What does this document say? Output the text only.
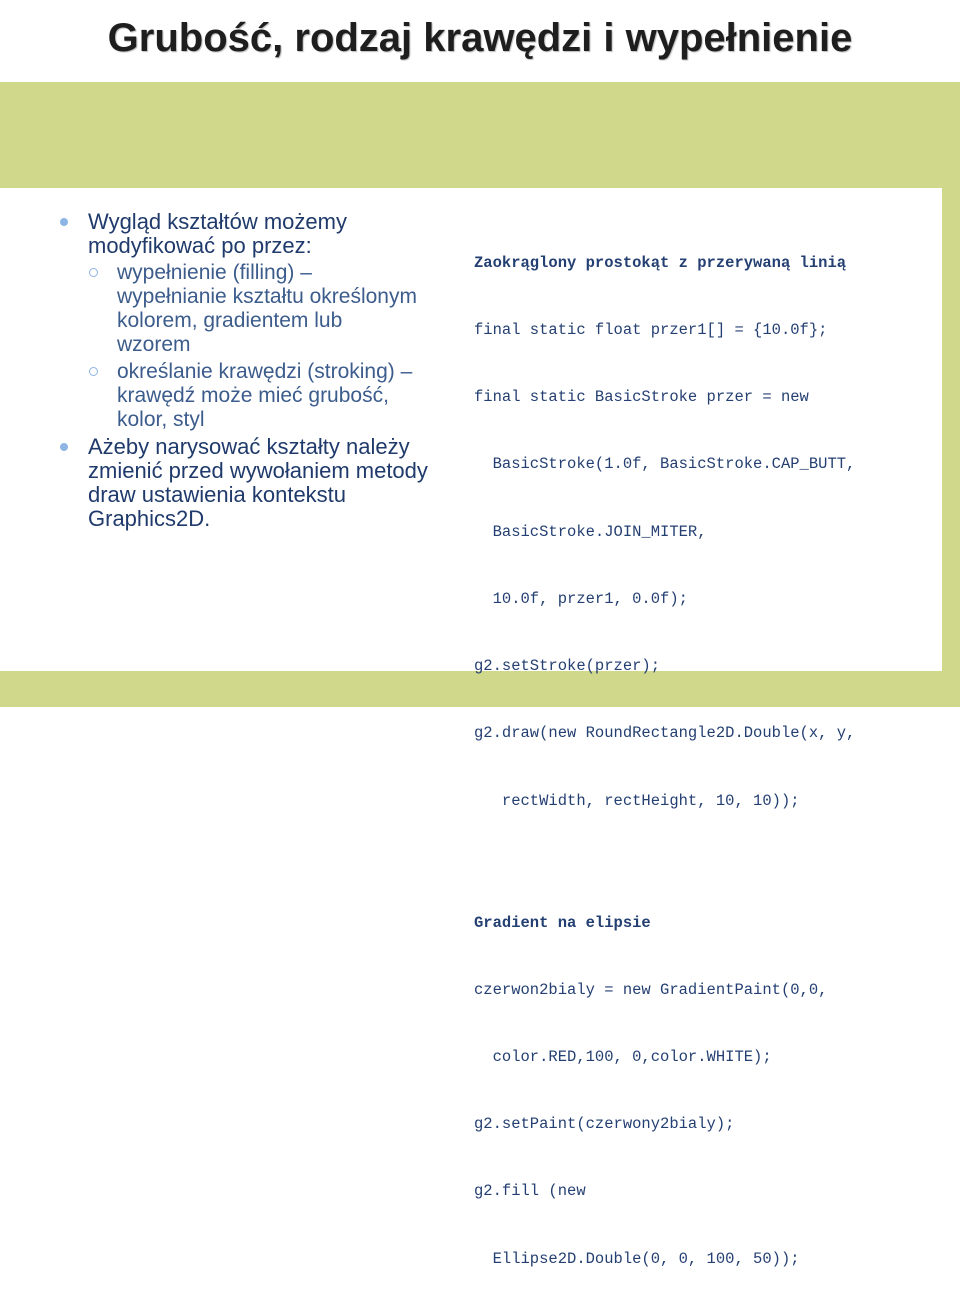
Grubość, rodzaj krawędzi i wypełnienie
Wygląd kształtów możemy
modyfikować po przez:
wypełnienie (filling) –
wypełnianie kształtu określonym
kolorem, gradientem lub
wzorem
określanie krawędzi (stroking) –
krawędź może mieć grubość,
kolor, styl
Ażeby narysować kształty należy
zmienić przed wywołaniem metody
draw ustawienia kontekstu
Graphics2D.

Zaokrąglony prostokąt z przerywaną linią

final static float przer1[] = {10.0f};

final static BasicStroke przer = new

BasicStroke(1.0f, BasicStroke.CAP_BUTT,

BasicStroke.JOIN_MITER,

10.0f, przer1, 0.0f);

g2.setStroke(przer);

g2.draw(new RoundRectangle2D.Double(x, y,

rectWidth, rectHeight, 10, 10));

Gradient na elipsie

czerwon2bialy = new GradientPaint(0,0,

color.RED,100, 0,color.WHITE);

g2.setPaint(czerwony2bialy);

g2.fill (new

Ellipse2D.Double(0, 0, 100, 50));
